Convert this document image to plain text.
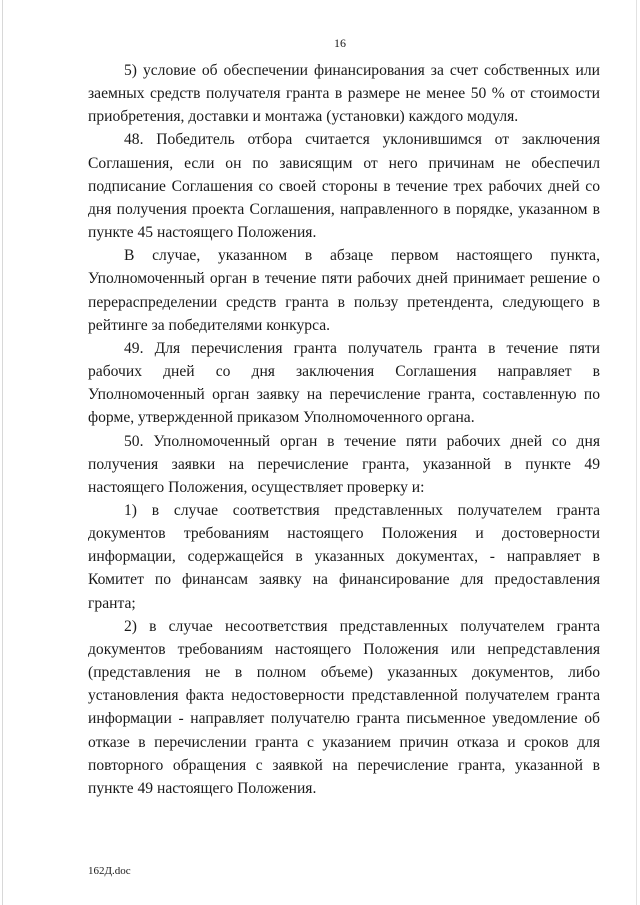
16

5) условие об обеспечении финансирования за счет собственных или заемных средств получателя гранта в размере не менее 50 % от стоимости приобретения, доставки и монтажа (установки) каждого модуля.

48. Победитель отбора считается уклонившимся от заключения Соглашения, если он по зависящим от него причинам не обеспечил подписание Соглашения со своей стороны в течение трех рабочих дней со дня получения проекта Соглашения, направленного в порядке, указанном в пункте 45 настоящего Положения.

В случае, указанном в абзаце первом настоящего пункта, Уполномоченный орган в течение пяти рабочих дней принимает решение о перераспределении средств гранта в пользу претендента, следующего в рейтинге за победителями конкурса.

49. Для перечисления гранта получатель гранта в течение пяти рабочих дней со дня заключения Соглашения направляет в Уполномоченный орган заявку на перечисление гранта, составленную по форме, утвержденной приказом Уполномоченного органа.

50. Уполномоченный орган в течение пяти рабочих дней со дня получения заявки на перечисление гранта, указанной в пункте 49 настоящего Положения, осуществляет проверку и:

1) в случае соответствия представленных получателем гранта документов требованиям настоящего Положения и достоверности информации, содержащейся в указанных документах, - направляет в Комитет по финансам заявку на финансирование для предоставления гранта;

2) в случае несоответствия представленных получателем гранта документов требованиям настоящего Положения или непредставления (представления не в полном объеме) указанных документов, либо установления факта недостоверности представленной получателем гранта информации - направляет получателю гранта письменное уведомление об отказе в перечислении гранта с указанием причин отказа и сроков для повторного обращения с заявкой на перечисление гранта, указанной в пункте 49 настоящего Положения.

162Д.doc
